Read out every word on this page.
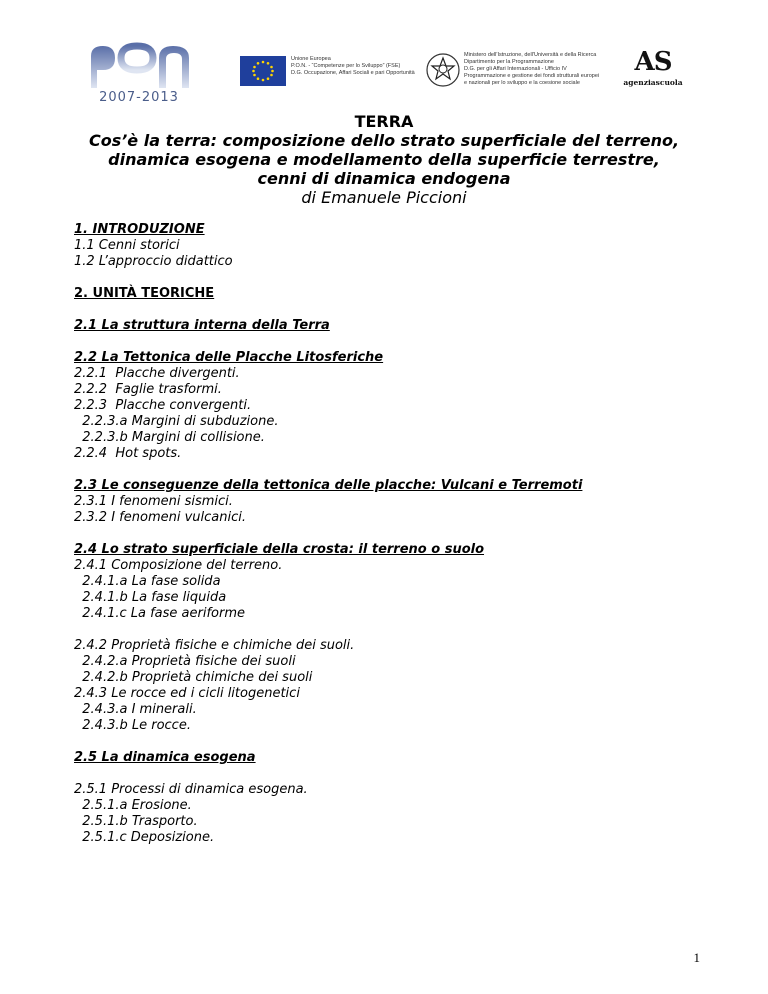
2007-2013
Unione Europea
P.O.N. - “Competenze per lo Sviluppo” (FSE)
D.G. Occupazione, Affari Sociali e pari Opportunità
Ministero dell'Istruzione, dell'Università e della Ricerca
Dipartimento per la Programmazione
D.G. per gli Affari Internazionali - Ufficio IV
Programmazione e gestione dei fondi strutturali europei
e nazionali per lo sviluppo e la coesione sociale
AS
agenziascuola
TERRA
Cos’è la terra: composizione dello strato superficiale del terreno,
dinamica esogena e modellamento della superficie terrestre,
cenni di dinamica endogena
di Emanuele Piccioni
1. INTRODUZIONE
1.1 Cenni storici
1.2 L’approccio didattico
2. UNITÀ TEORICHE
2.1 La struttura interna della Terra
2.2 La Tettonica delle Placche Litosferiche
2.2.1  Placche divergenti.
2.2.2  Faglie trasformi.
2.2.3  Placche convergenti.
2.2.3.a Margini di subduzione.
2.2.3.b Margini di collisione.
2.2.4  Hot spots.
2.3 Le conseguenze della tettonica delle placche: Vulcani e Terremoti
2.3.1 I fenomeni sismici.
2.3.2 I fenomeni vulcanici.
2.4 Lo strato superficiale della crosta: il terreno o suolo
2.4.1 Composizione del terreno.
2.4.1.a La fase solida
2.4.1.b La fase liquida
2.4.1.c La fase aeriforme
2.4.2 Proprietà fisiche e chimiche dei suoli.
2.4.2.a Proprietà fisiche dei suoli
2.4.2.b Proprietà chimiche dei suoli
2.4.3 Le rocce ed i cicli litogenetici
2.4.3.a I minerali.
2.4.3.b Le rocce.
2.5 La dinamica esogena
2.5.1 Processi di dinamica esogena.
2.5.1.a Erosione.
2.5.1.b Trasporto.
2.5.1.c Deposizione.
1
